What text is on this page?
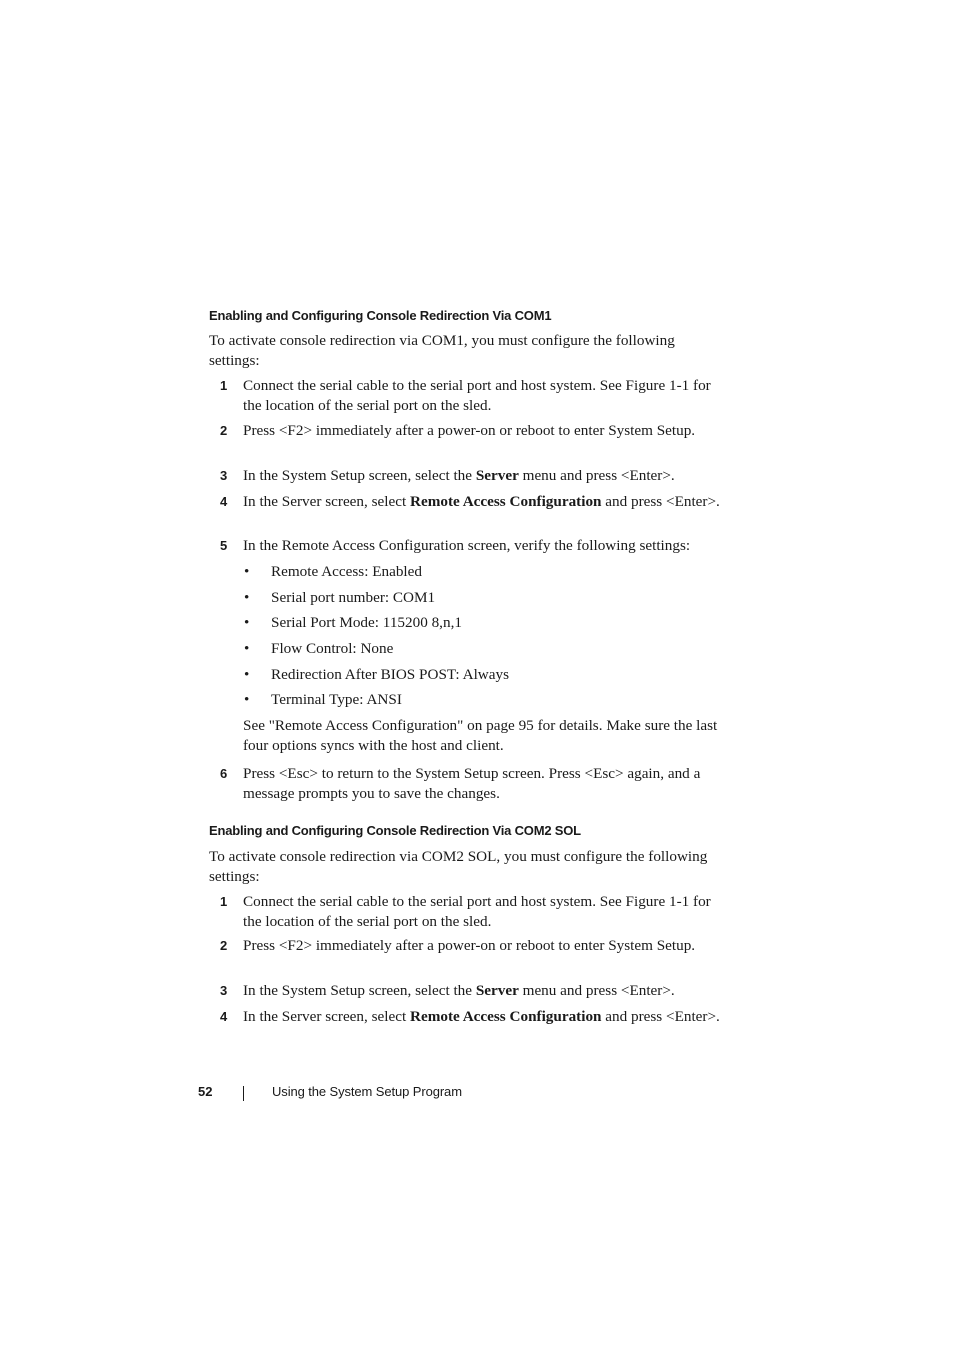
Enabling and Configuring Console Redirection Via COM1

To activate console redirection via COM1, you must configure the following settings:

1 Connect the serial cable to the serial port and host system. See Figure 1-1 for the location of the serial port on the sled.
2 Press <F2> immediately after a power-on or reboot to enter System Setup.
3 In the System Setup screen, select the Server menu and press <Enter>.
4 In the Server screen, select Remote Access Configuration and press <Enter>.
5 In the Remote Access Configuration screen, verify the following settings:
• Remote Access: Enabled
• Serial port number: COM1
• Serial Port Mode: 115200 8,n,1
• Flow Control: None
• Redirection After BIOS POST: Always
• Terminal Type: ANSI

See "Remote Access Configuration" on page 95 for details. Make sure the last four options syncs with the host and client.

6 Press <Esc> to return to the System Setup screen. Press <Esc> again, and a message prompts you to save the changes.
Enabling and Configuring Console Redirection Via COM2 SOL

To activate console redirection via COM2 SOL, you must configure the following settings:

1 Connect the serial cable to the serial port and host system. See Figure 1-1 for the location of the serial port on the sled.
2 Press <F2> immediately after a power-on or reboot to enter System Setup.
3 In the System Setup screen, select the Server menu and press <Enter>.
4 In the Server screen, select Remote Access Configuration and press <Enter>.
52	Using the System Setup Program
